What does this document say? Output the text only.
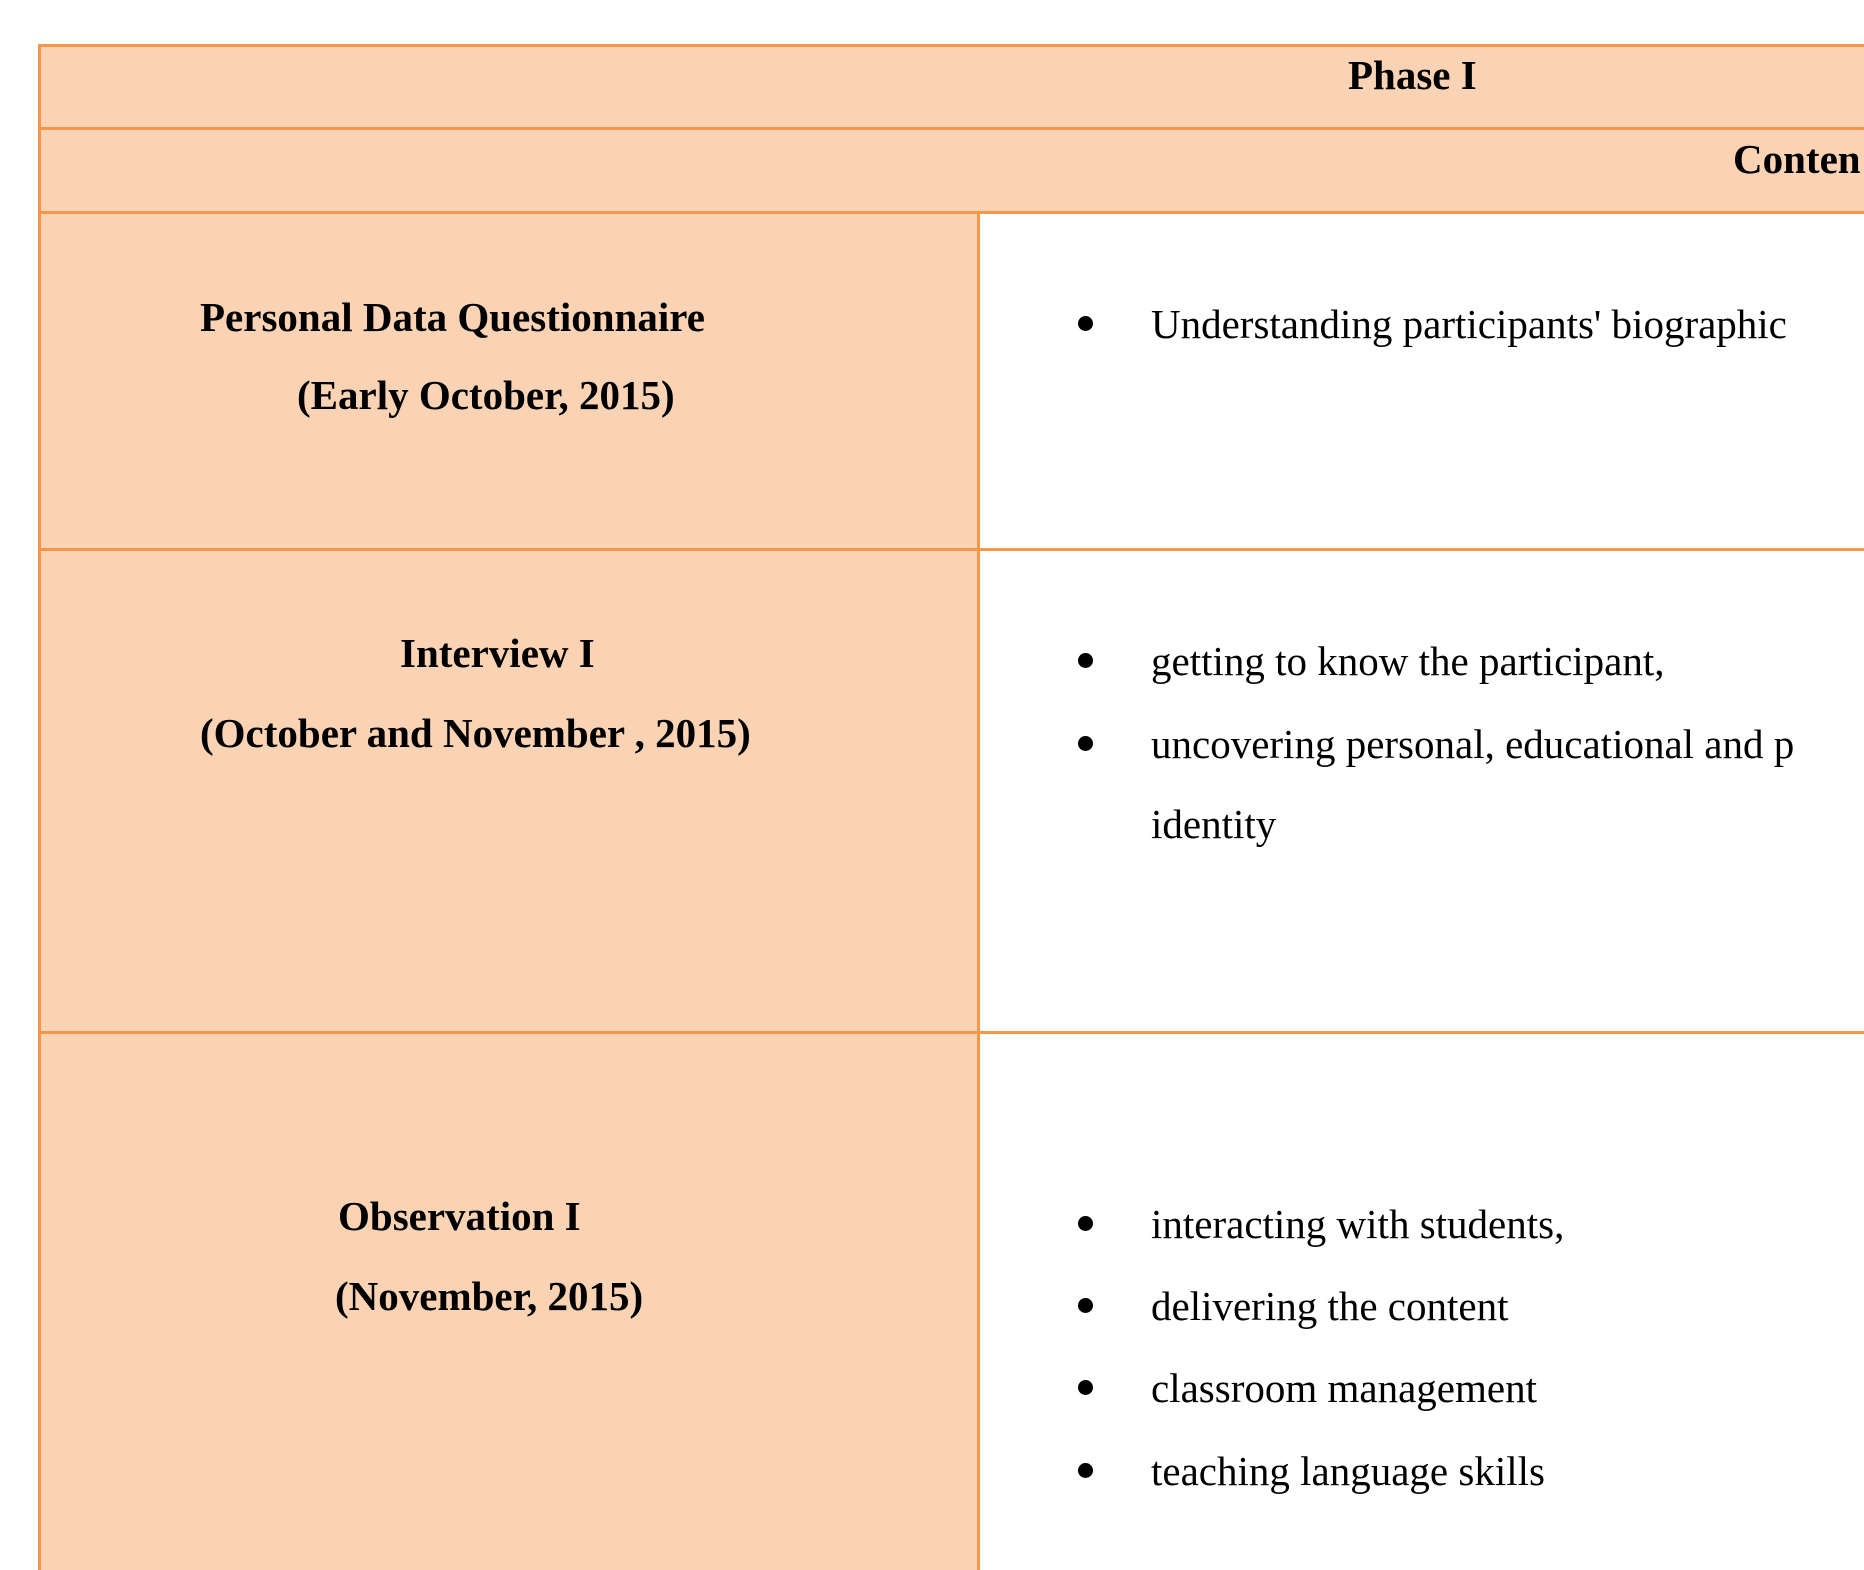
Phase I
Conten
Personal Data Questionnaire
(Early October, 2015)
Understanding participants' biographic
Interview I
(October and November , 2015)
getting to know the participant,
uncovering personal, educational and p
identity
Observation I
(November, 2015)
interacting with students,
delivering the content
classroom management
teaching language skills
